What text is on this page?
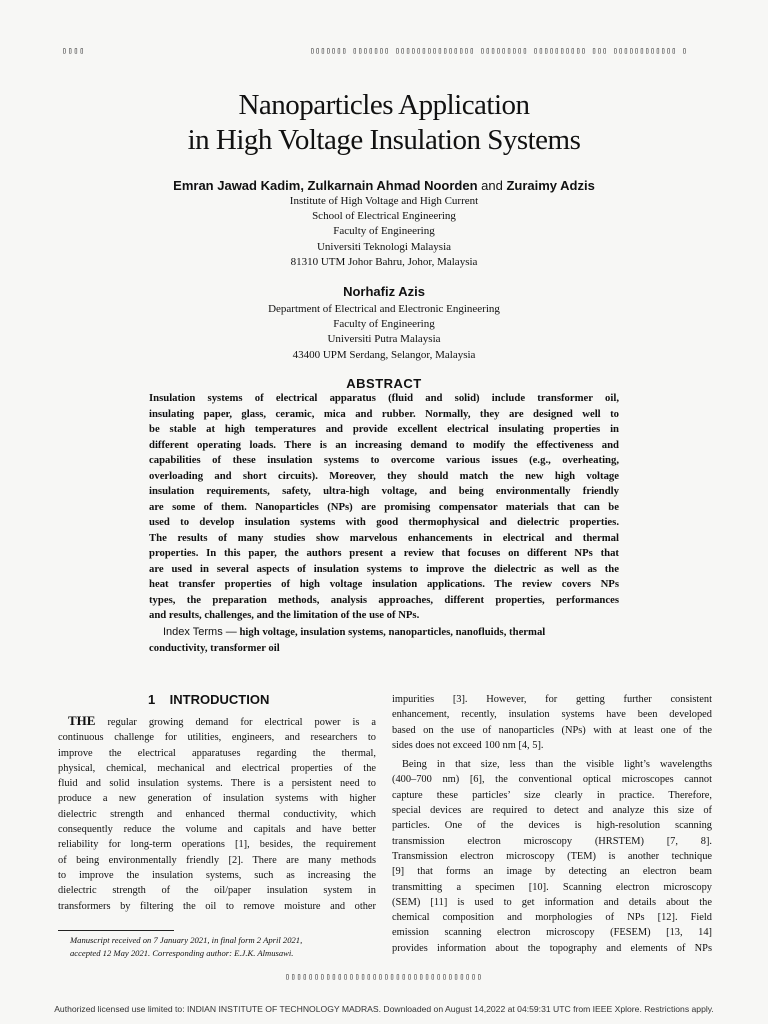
▯▯▯▯	▯▯▯▯▯▯▯ ▯▯▯▯▯▯▯ ▯▯▯▯▯▯▯▯▯▯▯▯▯▯▯ ▯▯▯▯▯▯▯▯▯ ▯▯▯▯▯▯▯▯▯▯ ▯▯▯ ▯▯▯▯▯▯▯▯▯▯▯▯ ▯
Nanoparticles Application
in High Voltage Insulation Systems
Emran Jawad Kadim, Zulkarnain Ahmad Noorden and Zuraimy Adzis
Institute of High Voltage and High Current
School of Electrical Engineering
Faculty of Engineering
Universiti Teknologi Malaysia
81310 UTM Johor Bahru, Johor, Malaysia
Norhafiz Azis
Department of Electrical and Electronic Engineering
Faculty of Engineering
Universiti Putra Malaysia
43400 UPM Serdang, Selangor, Malaysia
ABSTRACT
Insulation systems of electrical apparatus (fluid and solid) include transformer oil,
insulating paper, glass, ceramic, mica and rubber. Normally, they are designed well to
be stable at high temperatures and provide excellent electrical insulating properties in
different operating loads. There is an increasing demand to modify the effectiveness and
capabilities of these insulation systems to overcome various issues (e.g., overheating,
overloading and short circuits). Moreover, they should match the new high voltage
insulation requirements, safety, ultra-high voltage, and being environmentally friendly
are some of them. Nanoparticles (NPs) are promising compensator materials that can be
used to develop insulation systems with good thermophysical and dielectric properties.
The results of many studies show marvelous enhancements in electrical and thermal
properties. In this paper, the authors present a review that focuses on different NPs that
are used in several aspects of insulation systems to improve the dielectric as well as the
heat transfer properties of high voltage insulation applications. The review covers NPs
types, the preparation methods, analysis approaches, different properties, performances
and results, challenges, and the limitation of the use of NPs.
Index Terms — high voltage, insulation systems, nanoparticles, nanofluids, thermal
conductivity, transformer oil
1    INTRODUCTION
THE regular growing demand for electrical power is a
continuous challenge for utilities, engineers, and researchers to
improve the electrical apparatuses regarding the thermal,
physical, chemical, mechanical and electrical properties of the
fluid and solid insulation systems. There is a persistent need to
produce a new generation of insulation systems with higher
dielectric strength and enhanced thermal conductivity, which
consequently reduce the volume and capitals and have better
reliability for long-term operations [1], besides, the requirement
of being environmentally friendly [2]. There are many methods
to improve the insulation systems, such as increasing the
dielectric strength of the oil/paper insulation system in
transformers by filtering the oil to remove moisture and other
impurities [3]. However, for getting further consistent
enhancement, recently, insulation systems have been developed
based on the use of nanoparticles (NPs) with at least one of the
sides does not exceed 100 nm [4, 5].
Being in that size, less than the visible light’s wavelengths
(400–700 nm) [6], the conventional optical microscopes cannot
capture these particles’ size clearly in practice. Therefore,
special devices are required to detect and analyze this size of
particles. One of the devices is high-resolution scanning
transmission electron microscopy (HRSTEM) [7, 8].
Transmission electron microscopy (TEM) is another technique
[9] that forms an image by detecting an electron beam
transmitting a specimen [10]. Scanning electron microscopy
(SEM) [11] is used to get information and details about the
chemical composition and morphologies of NPs [12]. Field
emission scanning electron microscopy (FESEM) [13, 14]
provides information about the topography and elements of NPs
Manuscript received on 7 January 2021, in final form 2 April 2021,
accepted 12 May 2021. Corresponding author: E.J.K. Almusawi.
▯▯▯▯▯▯▯▯▯▯▯▯▯▯▯▯▯▯▯▯▯▯▯▯▯▯▯▯▯▯▯▯▯▯
Authorized licensed use limited to: INDIAN INSTITUTE OF TECHNOLOGY MADRAS. Downloaded on August 14,2022 at 04:59:31 UTC from IEEE Xplore. Restrictions apply.
